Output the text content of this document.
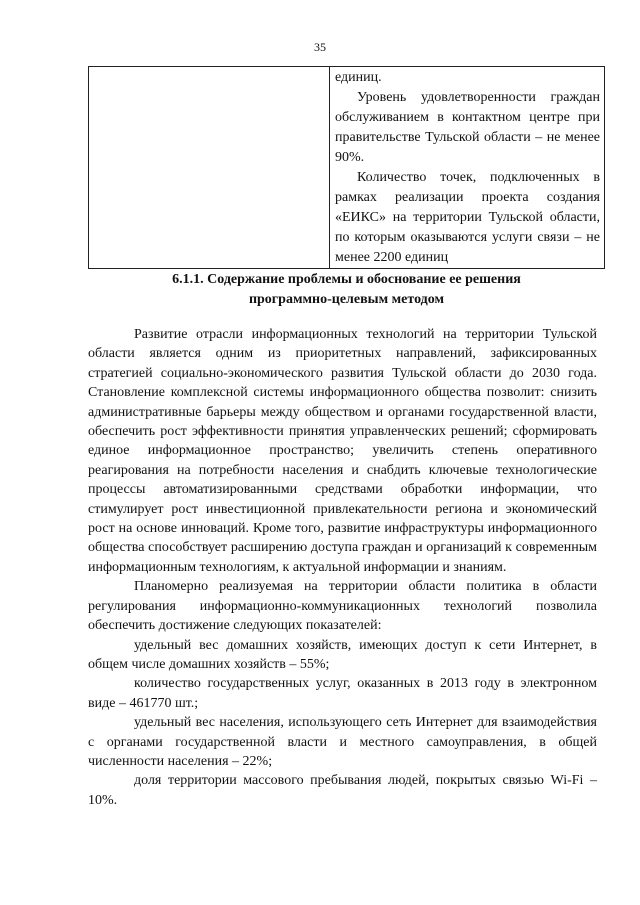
35

единиц.

Уровень удовлетворенности граждан обслуживанием в контактном центре при правительстве Тульской области – не менее 90%.

Количество точек, подключенных в рамках реализации проекта создания «ЕИКС» на территории Тульской области, по которым оказываются услуги связи – не менее 2200 единиц

6.1.1. Содержание проблемы и обоснование ее решения
программно-целевым методом

Развитие отрасли информационных технологий на территории Тульской области является одним из приоритетных направлений, зафиксированных стратегией социально-экономического развития Тульской области до 2030 года. Становление комплексной системы информационного общества позволит: снизить административные барьеры между обществом и органами государственной власти, обеспечить рост эффективности принятия управленческих решений; сформировать единое информационное пространство; увеличить степень оперативного реагирования на потребности населения и снабдить ключевые технологические процессы автоматизированными средствами обработки информации, что стимулирует рост инвестиционной привлекательности региона и экономический рост на основе инноваций. Кроме того, развитие инфраструктуры информационного общества способствует расширению доступа граждан и организаций к современным информационным технологиям, к актуальной информации и знаниям.

Планомерно реализуемая на территории области политика в области регулирования информационно-коммуникационных технологий позволила обеспечить достижение следующих показателей:

удельный вес домашних хозяйств, имеющих доступ к сети Интернет, в общем числе домашних хозяйств – 55%;

количество государственных услуг, оказанных в 2013 году в электронном виде – 461770 шт.;

удельный вес населения, использующего сеть Интернет для взаимодействия с органами государственной власти и местного самоуправления, в общей численности населения – 22%;

доля территории массового пребывания людей, покрытых связью Wi-Fi – 10%.
